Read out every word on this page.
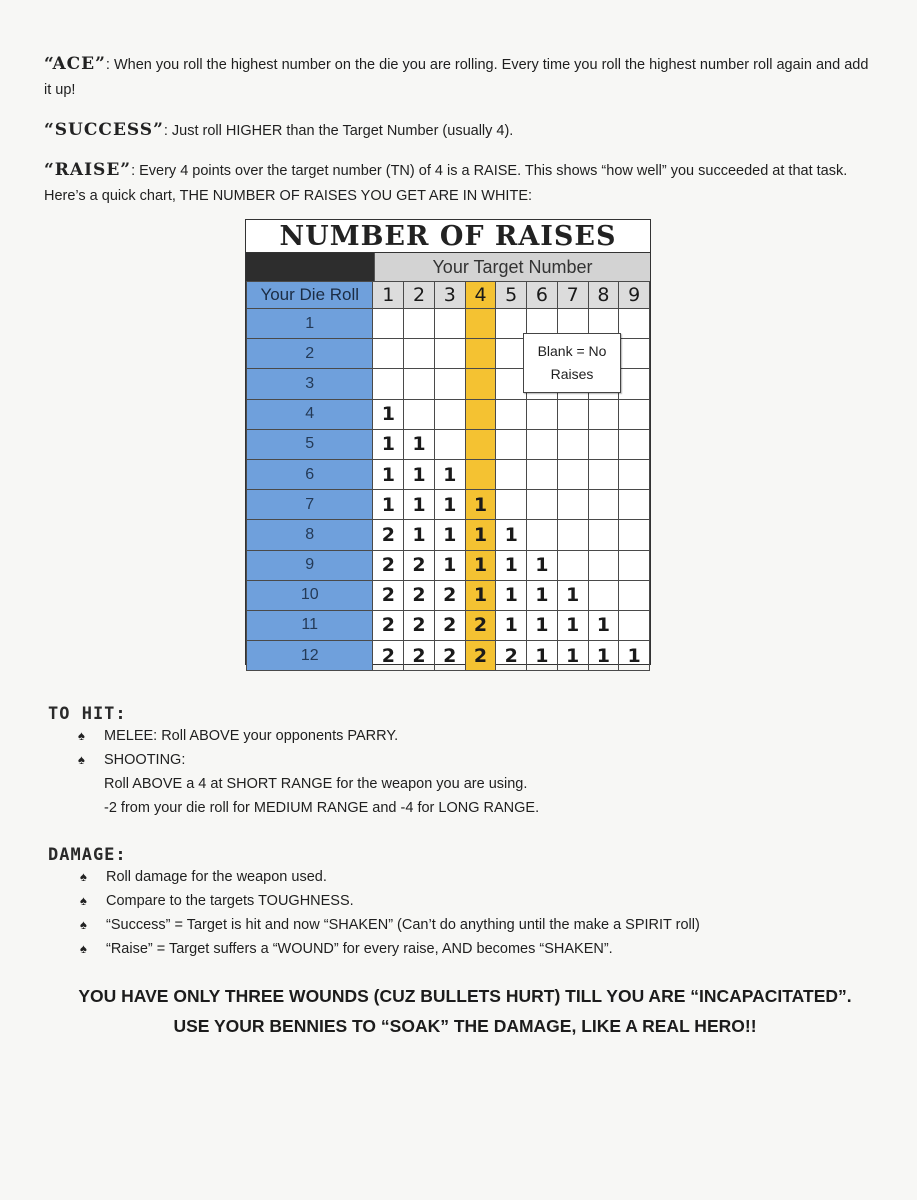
“ACE”: When you roll the highest number on the die you are rolling. Every time you roll the highest number roll again and add it up!
“SUCCESS”: Just roll HIGHER than the Target Number (usually 4).
“RAISE”: Every 4 points over the target number (TN) of 4 is a RAISE. This shows “how well” you succeeded at that task. Here’s a quick chart, THE NUMBER OF RAISES YOU GET ARE IN WHITE:
NUMBER OF RAISES
Your Target Number
Your Die Roll	1	2	3	4	5	6	7	8	9
1									
2									
3									
4	1								
5	1	1							
6	1	1	1						
7	1	1	1	1					
8	2	1	1	1	1				
9	2	2	1	1	1	1			
10	2	2	2	1	1	1	1		
11	2	2	2	2	1	1	1	1	
12	2	2	2	2	2	1	1	1	1
Blank = No
Raises
TO HIT:
♠ MELEE: Roll ABOVE your opponents PARRY.
♠ SHOOTING:
Roll ABOVE a 4 at SHORT RANGE for the weapon you are using.
-2 from your die roll for MEDIUM RANGE and -4 for LONG RANGE.
DAMAGE:
♠ Roll damage for the weapon used.
♠ Compare to the targets TOUGHNESS.
♠ “Success” = Target is hit and now “SHAKEN” (Can’t do anything until the make a SPIRIT roll)
♠ “Raise” = Target suffers a “WOUND” for every raise, AND becomes “SHAKEN”.
YOU HAVE ONLY THREE WOUNDS (CUZ BULLETS HURT) TILL YOU ARE “INCAPACITATED”.
USE YOUR BENNIES TO “SOAK” THE DAMAGE, LIKE A REAL HERO!!
